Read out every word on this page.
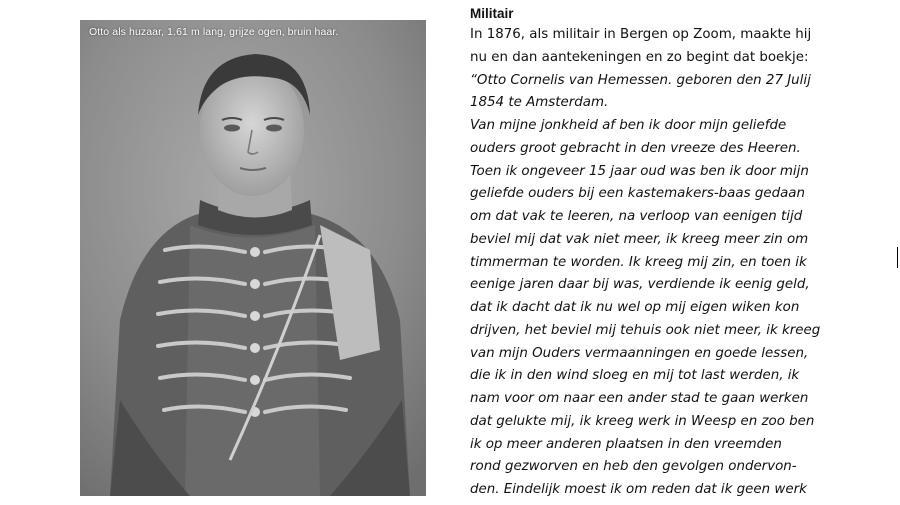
Otto als huzaar, 1.61 m lang, grijze ogen, bruin haar.
Militair
In 1876, als militair in Bergen op Zoom, maakte hij
nu en dan aantekeningen en zo begint dat boekje:
“Otto Cornelis van Hemessen. geboren den 27 Julij
1854 te Amsterdam.
Van mijne jonkheid af ben ik door mijn geliefde
ouders groot gebracht in den vreeze des Heeren.
Toen ik ongeveer 15 jaar oud was ben ik door mijn
geliefde ouders bij een kastemakers-baas gedaan
om dat vak te leeren, na verloop van eenigen tijd
beviel mij dat vak niet meer, ik kreeg meer zin om
timmerman te worden. Ik kreeg mij zin, en toen ik
eenige jaren daar bij was, verdiende ik eenig geld,
dat ik dacht dat ik nu wel op mij eigen wiken kon
drijven, het beviel mij tehuis ook niet meer, ik kreeg
van mijn Ouders vermaanningen en goede lessen,
die ik in den wind sloeg en mij tot last werden, ik
nam voor om naar een ander stad te gaan werken
dat gelukte mij, ik kreeg werk in Weesp en zoo ben
ik op meer anderen plaatsen in den vreemden
rond gezworven en heb den gevolgen ondervon-
den. Eindelijk moest ik om reden dat ik geen werk
